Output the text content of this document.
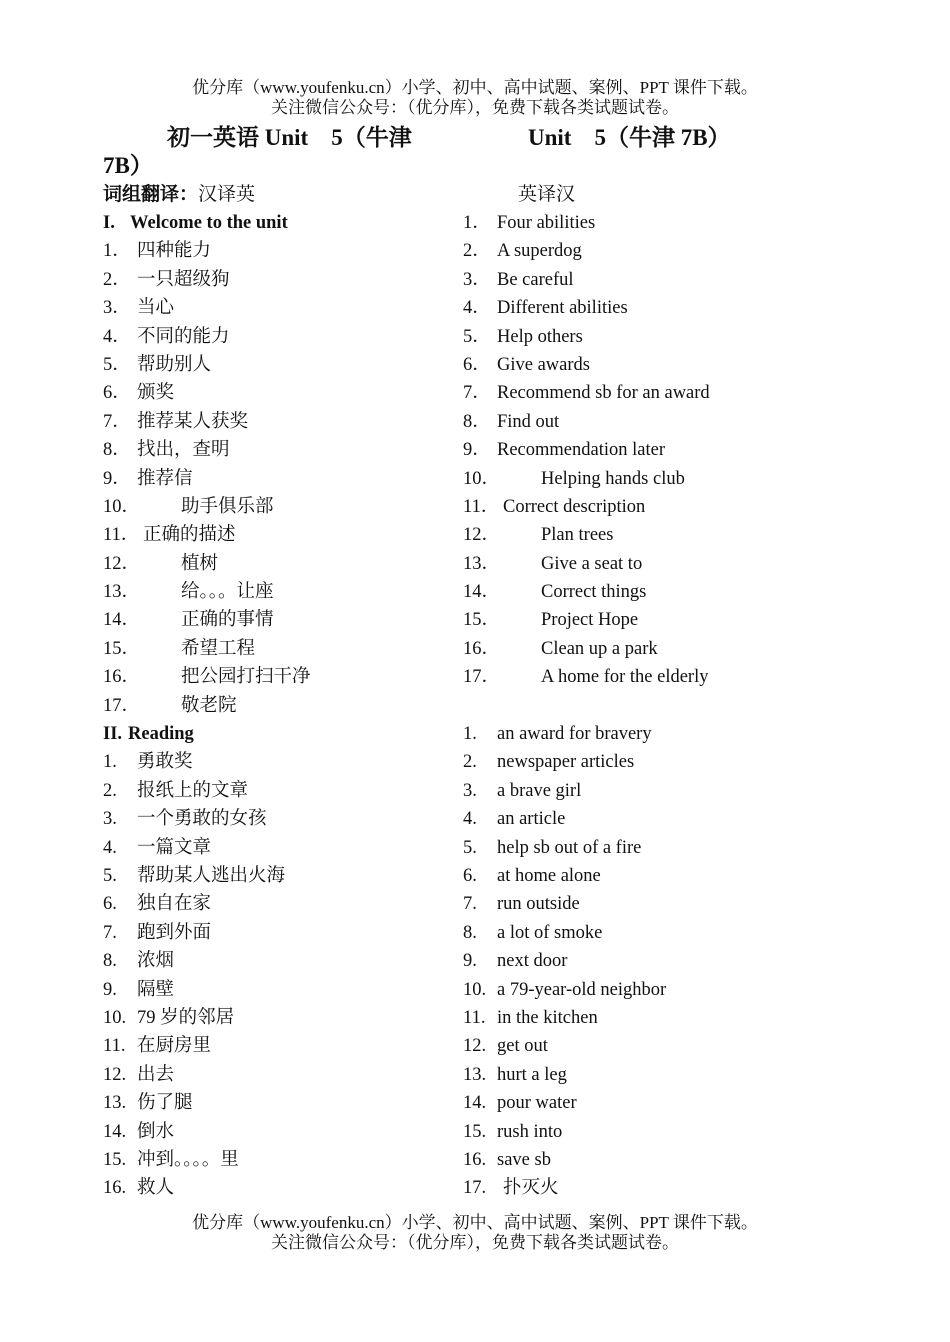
优分库（www.youfenku.cn）小学、初中、高中试题、案例、PPT 课件下载。
关注微信公众号：（优分库），免费下载各类试题试卷。
初一英语 Unit　5（牛津 7B）
Unit　5（牛津 7B）
词组翻译：汉译英	英译汉
I. Welcome to the unit
1． 四种能力
2． 一只超级狗
3． 当心
4． 不同的能力
5． 帮助别人
6． 颁奖
7． 推荐某人获奖
8． 找出，查明
9． 推荐信
10． 助手俱乐部
11． 正确的描述
12． 植树
13． 给。。。让座
14． 正确的事情
15． 希望工程
16． 把公园打扫干净
17． 敬老院
II. Reading
1. 勇敢奖
2. 报纸上的文章
3. 一个勇敢的女孩
4. 一篇文章
5. 帮助某人逃出火海
6. 独自在家
7. 跑到外面
8. 浓烟
9. 隔壁
10. 79 岁的邻居
11. 在厨房里
12. 出去
13. 伤了腿
14. 倒水
15. 冲到。。。。里
16. 救人
1． Four abilities
2． A superdog
3． Be careful
4． Different abilities
5． Help others
6． Give awards
7． Recommend sb for an award
8． Find out
9． Recommendation later
10． Helping hands club
11． Correct description
12． Plan trees
13． Give a seat to
14． Correct things
15． Project Hope
16． Clean up a park
17． A home for the elderly
1. an award for bravery
2. newspaper articles
3. a brave girl
4. an article
5. help sb out of a fire
6. at home alone
7. run outside
8. a lot of smoke
9. next door
10. a 79-year-old neighbor
11. in the kitchen
12. get out
13. hurt a leg
14. pour water
15. rush into
16. save sb
17. 扑灭火
优分库（www.youfenku.cn）小学、初中、高中试题、案例、PPT 课件下载。
关注微信公众号：（优分库），免费下载各类试题试卷。
